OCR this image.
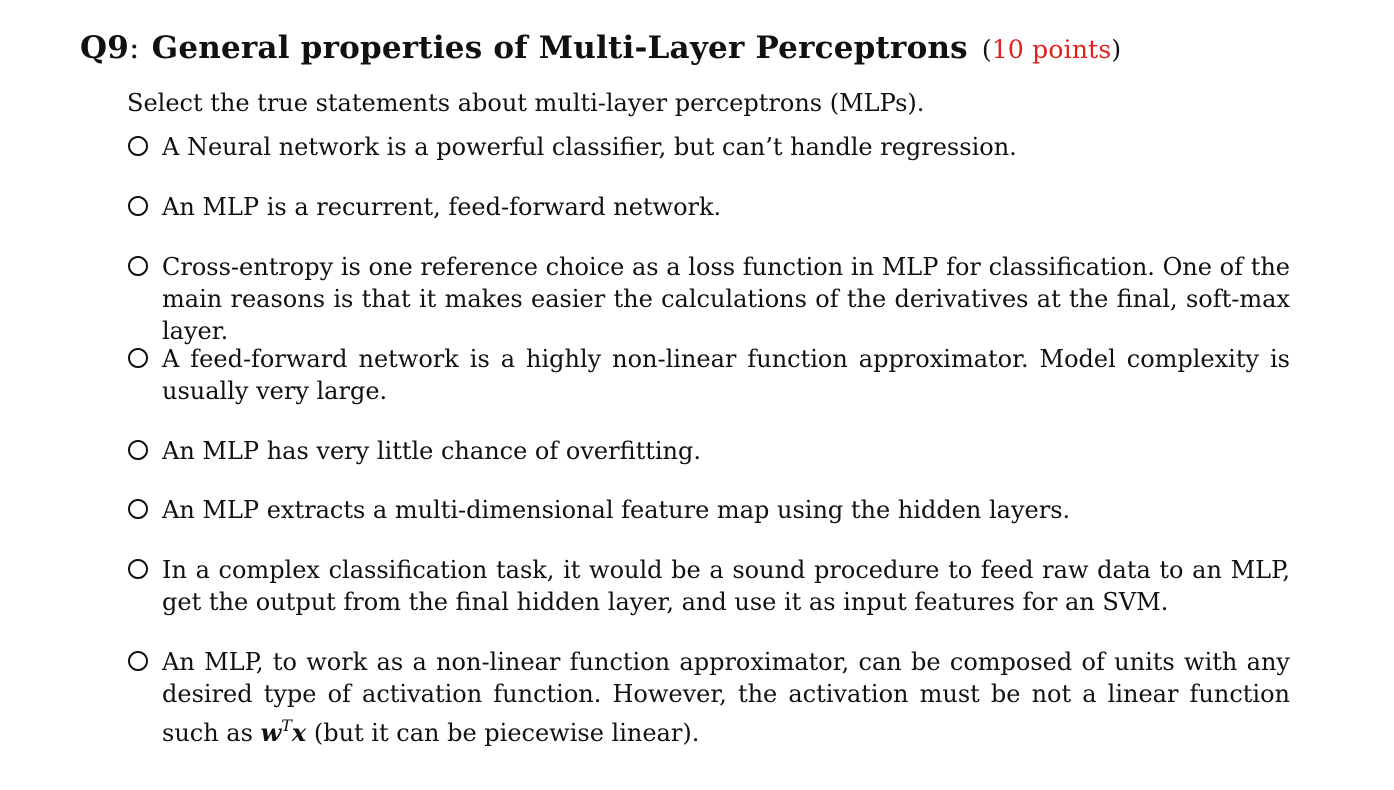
Q9: General properties of Multi-Layer Perceptrons (10 points)
Select the true statements about multi-layer perceptrons (MLPs).
A Neural network is a powerful classifier, but can’t handle regression.
An MLP is a recurrent, feed-forward network.
Cross-entropy is one reference choice as a loss function in MLP for classification. One of the main reasons is that it makes easier the calculations of the derivatives at the final, soft-max layer.
A feed-forward network is a highly non-linear function approximator. Model complexity is usually very large.
An MLP has very little chance of overfitting.
An MLP extracts a multi-dimensional feature map using the hidden layers.
In a complex classification task, it would be a sound procedure to feed raw data to an MLP, get the output from the final hidden layer, and use it as input features for an SVM.
An MLP, to work as a non-linear function approximator, can be composed of units with any desired type of activation function. However, the activation must be not a linear function such as $w^Tx$ (but it can be piecewise linear).
